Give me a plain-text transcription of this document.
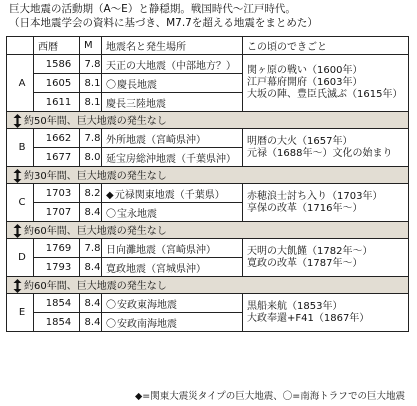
巨大地震の活動期（A〜E）と静穏期。戦国時代〜江戸時代。
（日本地震学会の資料に基づき、M7.7を超える地震をまとめた）
	西暦	M	地震名と発生場所	この頃のできごと
A	1586	7.8	天正の大地震（中部地方？）	関ヶ原の戦い（1600年）
江戸幕府開府（1603年）
大坂の陣、豊臣氏滅ぶ（1615年）

	1605	8.1	〇慶長地震	
	1611	8.1	慶長三陸地震	
約50年間、巨大地震の発生なし				
B	1662	7.8	外所地震（宮崎県沖）	明暦の大火（1657年）
元禄（1688年〜）文化の始まり

	1677	8.0	延宝房総沖地震（千葉県沖）	
約30年間、巨大地震の発生なし				
C	1703	8.2	◆元禄関東地震（千葉県）	赤穂浪士討ち入り（1703年）
享保の改革（1716年〜）

	1707	8.4	〇宝永地震	
約60年間、巨大地震の発生なし				
D	1769	7.8	日向灘地震（宮崎県沖）	天明の大飢饉（1782年〜）
寛政の改革（1787年〜）

	1793	8.4	寛政地震（宮城県沖）	
約60年間、巨大地震の発生なし				
E	1854	8.4	〇安政東海地震	黒船来航（1853年）
大政奉還+F41（1867年）

	1854	8.4	〇安政南海地震	
◆=関東大震災タイプの巨大地震、〇=南海トラフでの巨大地震
